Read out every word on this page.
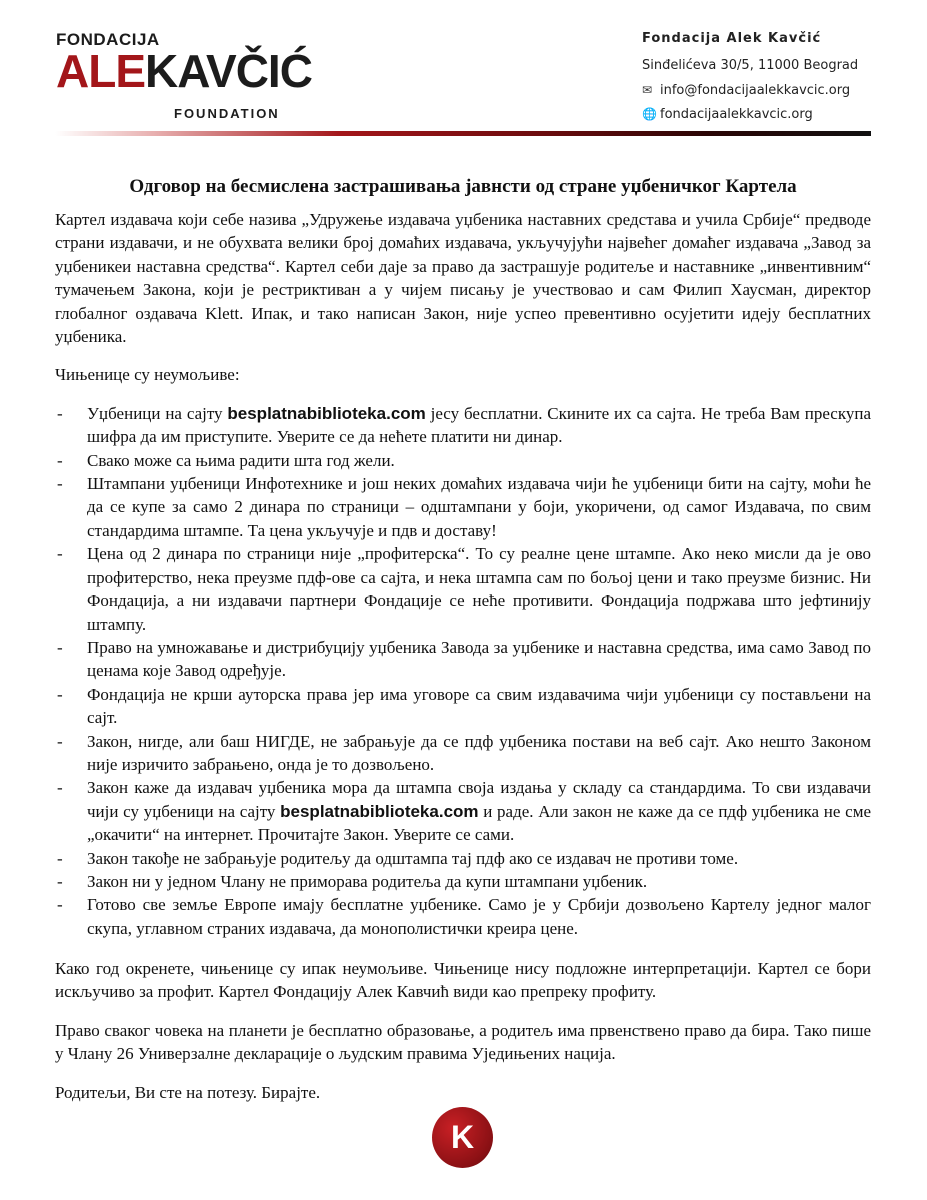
FONDACIJA
ALEKAVČIĆ
FOUNDATION
Fondacija Alek Kavčić
Sinđelićeva 30/5, 11000 Beograd
✉ info@fondacijaalekkavcic.org
🌐 fondacijaalekkavcic.org
Одговор на бесмислена застрашивања јавнсти од стране уџбеничког Картела

Картел издавача који себе назива „Удружење издавача уџбеника наставних средстава и учила Србије“ предводе страни издавачи, и не обухвата велики број домаћих издавача, укључујући највећег домаћег издавача „Завод за уџбеникеи наставна средства“. Картел себи даје за право да застрашује родитеље и наставнике „инвентивним“ тумачењем Закона, који је рестриктиван а у чијем писању је учествовао и сам Филип Хаусман, директор глобалног оздавача Klett. Ипак, и тако написан Закон, није успео превентивно осујетити идеју бесплатних уџбеника.

Чињенице су неумољиве:

- Уџбеници на сајту besplatnabiblioteka.com јесу бесплатни. Скините их са сајта. Не треба Вам прескупа шифра да им приступите. Уверите се да нећете платити ни динар.
- Свако може са њима радити шта год жели.
- Штампани уџбеници Инфотехнике и још неких домаћих издавача чији ће уџбеници бити на сајту, моћи ће да се купе за само 2 динара по страници – одштампани у боји, укоричени, од самог Издавача, по свим стандардима штампе. Та цена укључује и пдв и доставу!
- Цена од 2 динара по страници није „профитерска“. То су реалне цене штампе. Ако неко мисли да је ово профитерство, нека преузме пдф-ове са сајта, и нека штампа сам по бољој цени и тако преузме бизнис. Ни Фондација, а ни издавачи партнери Фондације се неће противити. Фондација подржава што јефтинију штампу.
- Право на умножавање и дистрибуцију уџбеника Завода за уџбенике и наставна средства, има само Завод по ценама које Завод одређује.
- Фондација не крши ауторска права јер има уговоре са свим издавачима чији уџбеници су постављени на сајт.
- Закон, нигде, али баш НИГДЕ, не забрањује да се пдф уџбеника постави на веб сајт. Ако нешто Законом није изричито забрањено, онда је то дозвољено.
- Закон каже да издавач уџбеника мора да штампа своја издања у складу са стандардима. То сви издавачи чији су уџбеници на сајту besplatnabiblioteka.com и раде. Али закон не каже да се пдф уџбеника не сме „окачити“ на интернет. Прочитајте Закон. Уверите се сами.
- Закон такође не забрањује родитељу да одштампа тај пдф ако се издавач не противи томе.
- Закон ни у једном Члану не приморава родитеља да купи штампани уџбеник.
- Готово све земље Европе имају бесплатне уџбенике. Само је у Србији дозвољено Картелу једног малог скупа, углавном страних издавача, да монополистички креира цене.

Како год окренете, чињенице су ипак неумољиве. Чињенице нису подложне интерпретацији. Картел се бори искључиво за профит. Картел Фондацију Алек Кавчић види као препреку профиту.

Право сваког човека на планети је бесплатно образовање, а родитељ има првенствено право да бира. Тако пише у Члану 26 Универзалне декларације о људским правима Уједињених нација.

Родитељи, Ви сте на потезу. Бирајте.

K
